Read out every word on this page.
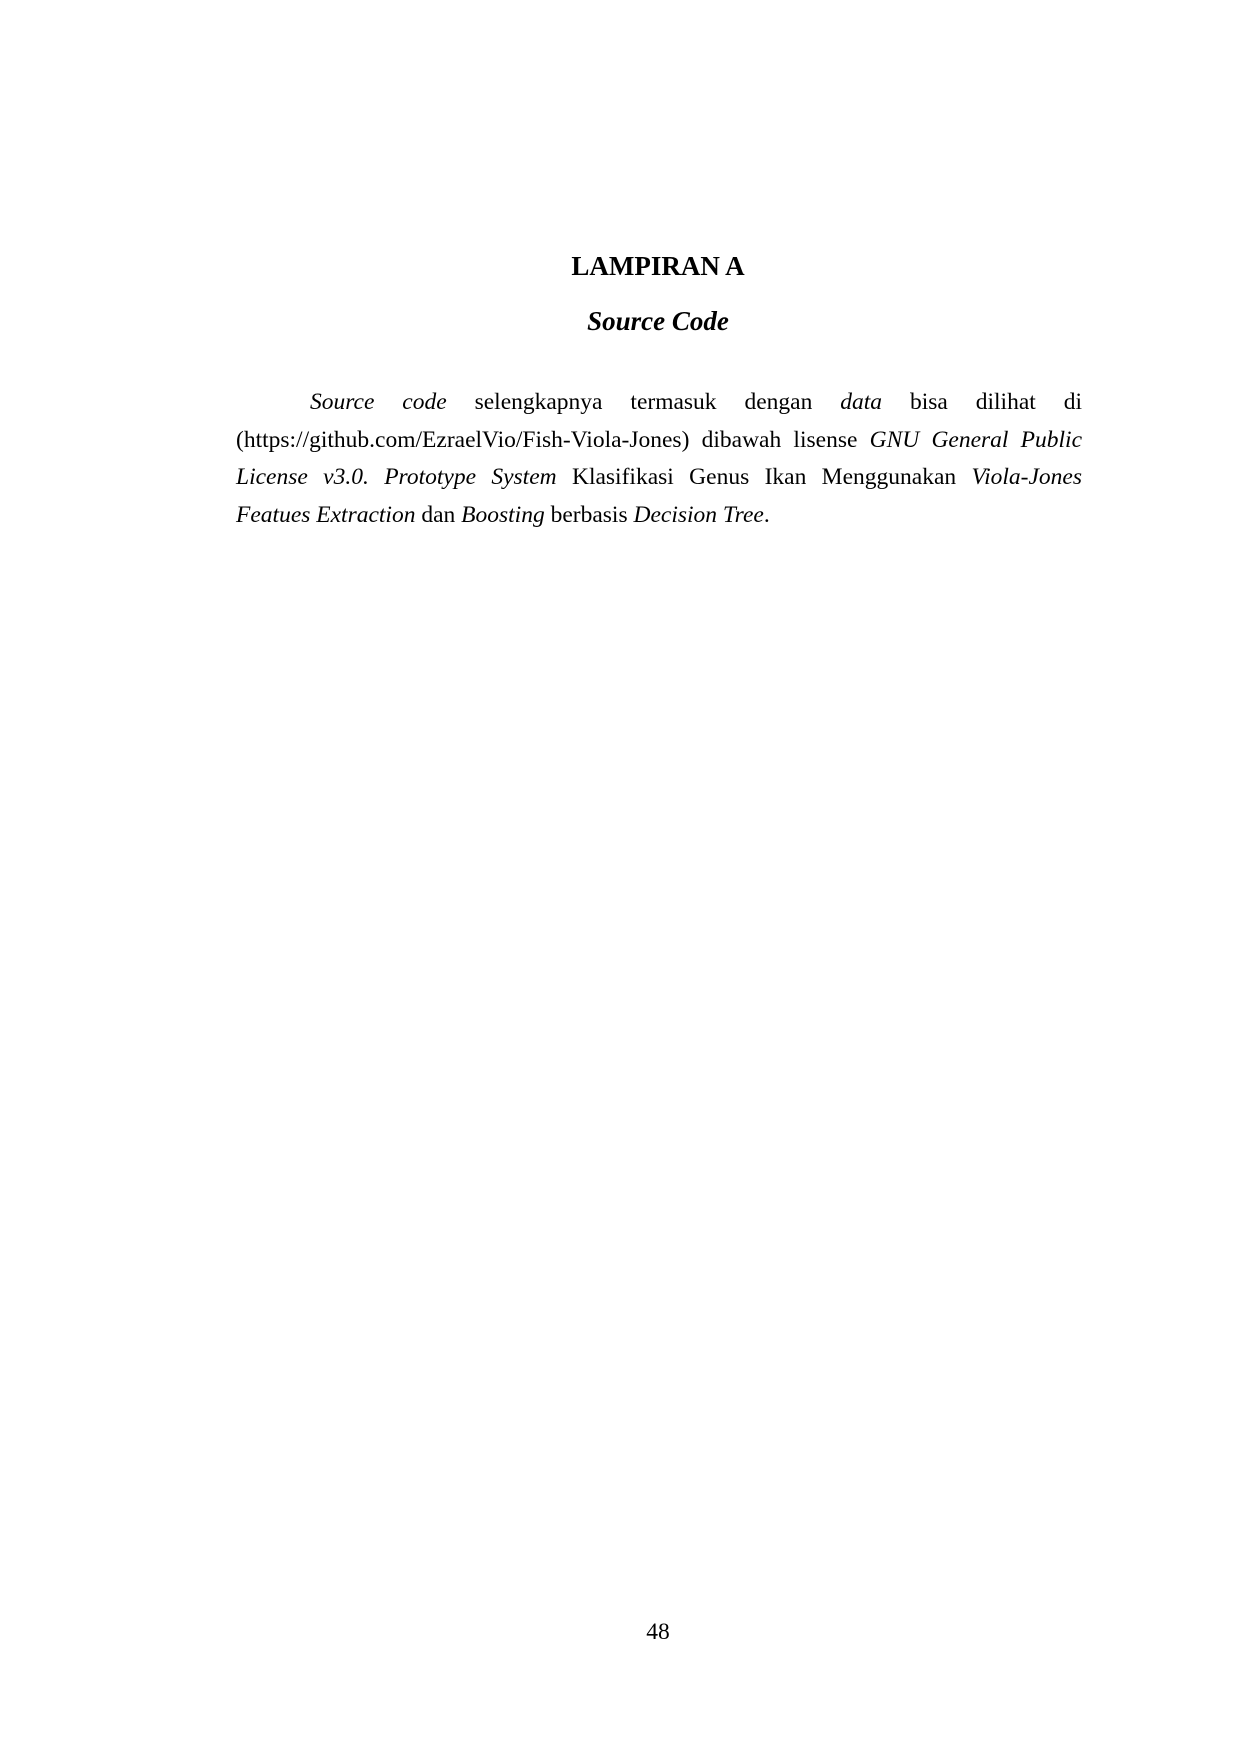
LAMPIRAN A
Source Code

Source code selengkapnya termasuk dengan data bisa dilihat di (https://github.com/EzraelVio/Fish-Viola-Jones) dibawah lisense GNU General Public License v3.0. Prototype System Klasifikasi Genus Ikan Menggunakan Viola-Jones Featues Extraction dan Boosting berbasis Decision Tree.

48
